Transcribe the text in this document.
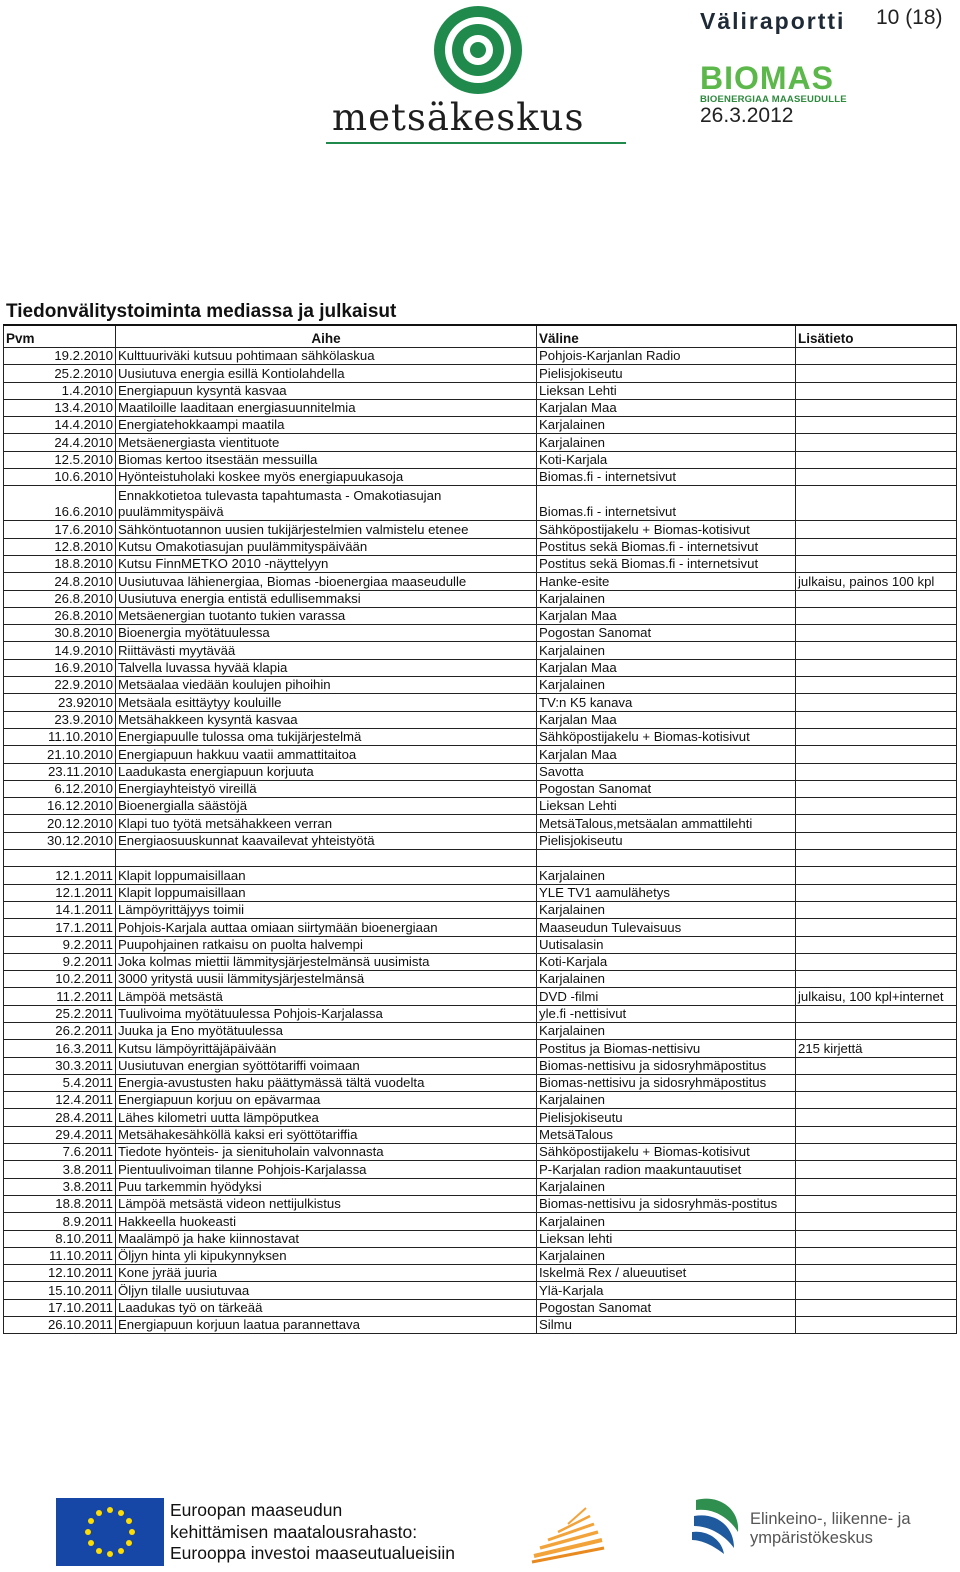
metsäkeskus
Väliraportti 10 (18)
BIOMAS
BIOENERGIAA MAASEUDULLE
26.3.2012
Tiedonvälitystoiminta mediassa ja julkaisut
Pvm	Aihe	Väline	Lisätieto
19.2.2010	Kulttuuriväki kutsuu pohtimaan sähkölaskua	Pohjois-Karjanlan Radio	
25.2.2010	Uusiutuva energia esillä Kontiolahdella	Pielisjokiseutu	
1.4.2010	Energiapuun kysyntä kasvaa	Lieksan Lehti	
13.4.2010	Maatiloille laaditaan energiasuunnitelmia	Karjalan Maa	
14.4.2010	Energiatehokkaampi maatila	Karjalainen	
24.4.2010	Metsäenergiasta vientituote	Karjalainen	
12.5.2010	Biomas kertoo itsestään messuilla	Koti-Karjala	
10.6.2010	Hyönteistuholaki koskee myös energiapuukasoja	Biomas.fi - internetsivut	
16.6.2010	Ennakkotietoa tulevasta tapahtumasta - Omakotiasujan puulämmityspäivä	Biomas.fi - internetsivut	
17.6.2010	Sähköntuotannon uusien tukijärjestelmien valmistelu etenee	Sähköpostijakelu + Biomas-kotisivut	
12.8.2010	Kutsu Omakotiasujan puulämmityspäivään	Postitus sekä Biomas.fi - internetsivut	
18.8.2010	Kutsu FinnMETKO 2010 -näyttelyyn	Postitus sekä Biomas.fi - internetsivut	
24.8.2010	Uusiutuvaa lähienergiaa, Biomas -bioenergiaa maaseudulle	Hanke-esite	julkaisu, painos 100 kpl
26.8.2010	Uusiutuva energia entistä edullisemmaksi	Karjalainen	
26.8.2010	Metsäenergian tuotanto tukien varassa	Karjalan Maa	
30.8.2010	Bioenergia myötätuulessa	Pogostan Sanomat	
14.9.2010	Riittävästi myytävää	Karjalainen	
16.9.2010	Talvella luvassa hyvää klapia	Karjalan Maa	
22.9.2010	Metsäalaa viedään koulujen pihoihin	Karjalainen	
23.92010	Metsäala esittäytyy kouluille	TV:n K5 kanava	
23.9.2010	Metsähakkeen kysyntä kasvaa	Karjalan Maa	
11.10.2010	Energiapuulle tulossa oma tukijärjestelmä	Sähköpostijakelu + Biomas-kotisivut	
21.10.2010	Energiapuun hakkuu vaatii ammattitaitoa	Karjalan Maa	
23.11.2010	Laadukasta energiapuun korjuuta	Savotta	
6.12.2010	Energiayhteistyö vireillä	Pogostan Sanomat	
16.12.2010	Bioenergialla säästöjä	Lieksan Lehti	
20.12.2010	Klapi tuo työtä metsähakkeen verran	MetsäTalous,metsäalan ammattilehti	
30.12.2010	Energiaosuuskunnat kaavailevat yhteistyötä	Pielisjokiseutu	

12.1.2011	Klapit loppumaisillaan	Karjalainen	
12.1.2011	Klapit loppumaisillaan	YLE TV1 aamulähetys	
14.1.2011	Lämpöyrittäjyys toimii	Karjalainen	
17.1.2011	Pohjois-Karjala auttaa omiaan siirtymään bioenergiaan	Maaseudun Tulevaisuus	
9.2.2011	Puupohjainen ratkaisu on puolta halvempi	Uutisalasin	
9.2.2011	Joka kolmas miettii lämmitysjärjestelmänsä uusimista	Koti-Karjala	
10.2.2011	3000 yritystä uusii lämmitysjärjestelmänsä	Karjalainen	
11.2.2011	Lämpöä metsästä	DVD -filmi	julkaisu, 100 kpl+internet
25.2.2011	Tuulivoima myötätuulessa Pohjois-Karjalassa	yle.fi -nettisivut	
26.2.2011	Juuka ja Eno myötätuulessa	Karjalainen	
16.3.2011	Kutsu lämpöyrittäjäpäivään	Postitus ja Biomas-nettisivu	215 kirjettä
30.3.2011	Uusiutuvan energian syöttötariffi voimaan	Biomas-nettisivu ja sidosryhmäpostitus	
5.4.2011	Energia-avustusten haku päättymässä tältä vuodelta	Biomas-nettisivu ja sidosryhmäpostitus	
12.4.2011	Energiapuun korjuu on epävarmaa	Karjalainen	
28.4.2011	Lähes kilometri uutta lämpöputkea	Pielisjokiseutu	
29.4.2011	Metsähakesähköllä kaksi eri syöttötariffia	MetsäTalous	
7.6.2011	Tiedote hyönteis- ja sienituholain valvonnasta	Sähköpostijakelu + Biomas-kotisivut	
3.8.2011	Pientuulivoiman tilanne Pohjois-Karjalassa	P-Karjalan radion maakuntauutiset	
3.8.2011	Puu tarkemmin hyödyksi	Karjalainen	
18.8.2011	Lämpöä metsästä videon nettijulkistus	Biomas-nettisivu ja sidosryhmäs-postitus	
8.9.2011	Hakkeella huokeasti	Karjalainen	
8.10.2011	Maalämpö ja hake kiinnostavat	Lieksan lehti	
11.10.2011	Öljyn hinta yli kipukynnyksen	Karjalainen	
12.10.2011	Kone jyrää juuria	Iskelmä Rex / alueuutiset	
15.10.2011	Öljyn tilalle uusiutuvaa	Ylä-Karjala	
17.10.2011	Laadukas työ on tärkeää	Pogostan Sanomat	
26.10.2011	Energiapuun korjuun laatua parannettava	Silmu	
Euroopan maaseudun
kehittämisen maatalousrahasto:
Eurooppa investoi maaseutualueisiin
Elinkeino-, liikenne- ja
ympäristökeskus
